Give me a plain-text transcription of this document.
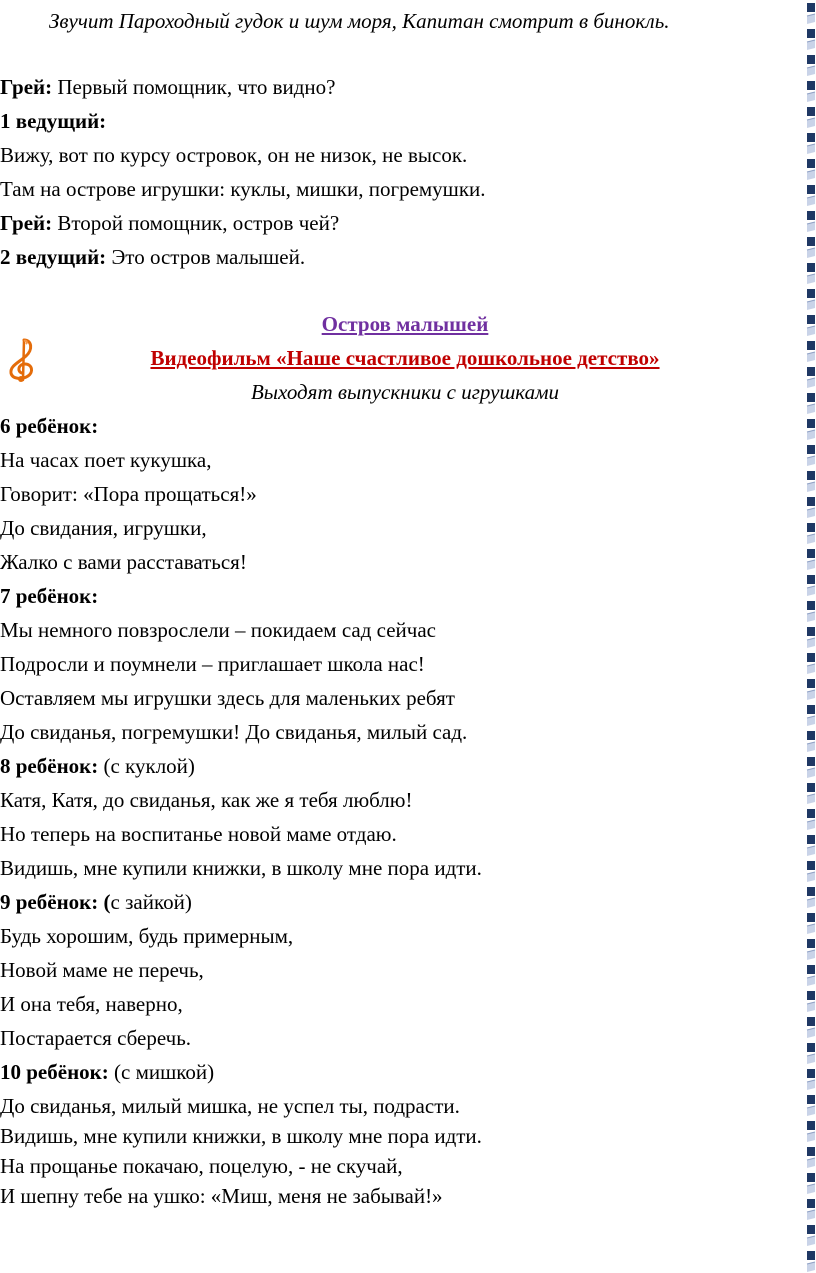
Звучит Пароходный гудок и шум моря, Капитан смотрит в бинокль.
Грей: Первый помощник, что видно?
1 ведущий:
Вижу, вот по курсу островок, он не низок, не высок.
Там на острове игрушки: куклы, мишки, погремушки.
Грей: Второй помощник, остров чей?
2 ведущий: Это остров малышей.
Остров малышей
Видеофильм «Наше счастливое дошкольное детство»
Выходят выпускники с игрушками
6 ребёнок:
На часах поет кукушка,
Говорит: «Пора прощаться!»
До свидания, игрушки,
Жалко с вами расставаться!
7 ребёнок:
Мы немного повзрослели – покидаем сад сейчас
Подросли и поумнели – приглашает школа нас!
Оставляем мы игрушки здесь для маленьких ребят
До свиданья, погремушки! До свиданья, милый сад.
8 ребёнок: (с куклой)
Катя, Катя, до свиданья, как же я тебя люблю!
Но теперь на воспитанье новой маме отдаю.
Видишь, мне купили книжки, в школу мне пора идти.
9 ребёнок: (с зайкой)
Будь хорошим, будь примерным,
Новой маме не перечь,
И она тебя, наверно,
Постарается сберечь.
10 ребёнок: (с мишкой)
До свиданья, милый мишка, не успел ты, подрасти.
Видишь, мне купили книжки, в школу мне пора идти.
На прощанье покачаю, поцелую, - не скучай,
И шепну тебе на ушко: «Миш, меня не забывай!»
